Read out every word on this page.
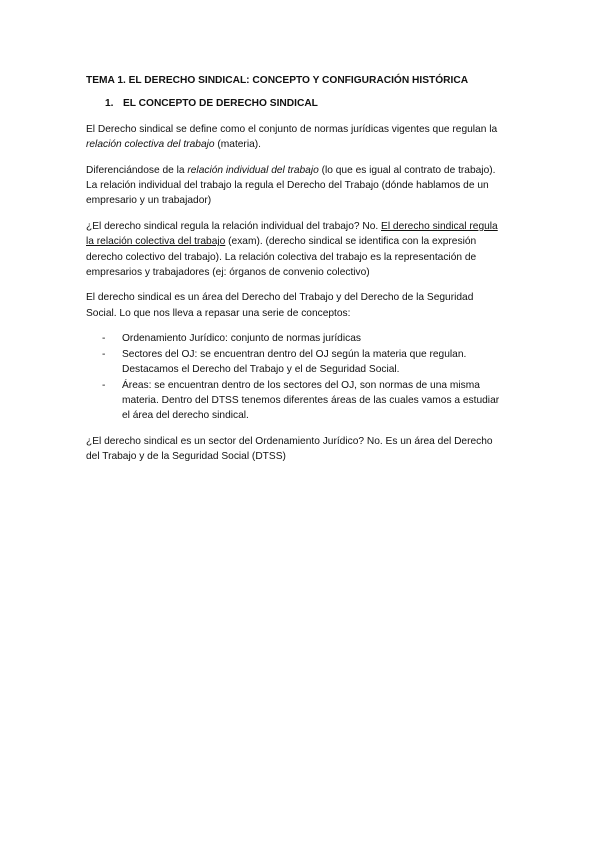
TEMA 1. EL DERECHO SINDICAL: CONCEPTO Y CONFIGURACIÓN HISTÓRICA
1. EL CONCEPTO DE DERECHO SINDICAL

El Derecho sindical se define como el conjunto de normas jurídicas vigentes que regulan la relación colectiva del trabajo (materia).

Diferenciándose de la relación individual del trabajo (lo que es igual al contrato de trabajo). La relación individual del trabajo la regula el Derecho del Trabajo (dónde hablamos de un empresario y un trabajador)

¿El derecho sindical regula la relación individual del trabajo? No. El derecho sindical regula la relación colectiva del trabajo (exam). (derecho sindical se identifica con la expresión derecho colectivo del trabajo). La relación colectiva del trabajo es la representación de empresarios y trabajadores (ej: órganos de convenio colectivo)

El derecho sindical es un área del Derecho del Trabajo y del Derecho de la Seguridad Social. Lo que nos lleva a repasar una serie de conceptos:

- Ordenamiento Jurídico: conjunto de normas jurídicas
- Sectores del OJ: se encuentran dentro del OJ según la materia que regulan. Destacamos el Derecho del Trabajo y el de Seguridad Social.
- Áreas: se encuentran dentro de los sectores del OJ, son normas de una misma materia. Dentro del DTSS tenemos diferentes áreas de las cuales vamos a estudiar el área del derecho sindical.

¿El derecho sindical es un sector del Ordenamiento Jurídico? No. Es un área del Derecho del Trabajo y de la Seguridad Social (DTSS)
